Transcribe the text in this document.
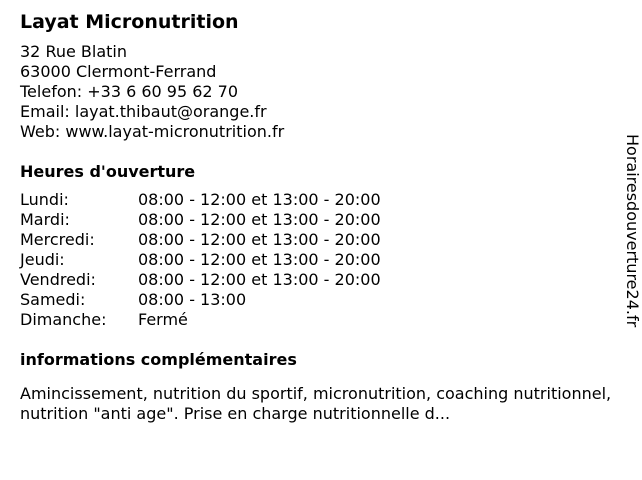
Layat Micronutrition
32 Rue Blatin
63000 Clermont-Ferrand
Telefon: +33 6 60 95 62 70
Email: layat.thibaut@orange.fr
Web: www.layat-micronutrition.fr
Heures d'ouverture
Lundi:	08:00 - 12:00 et 13:00 - 20:00
Mardi:	08:00 - 12:00 et 13:00 - 20:00
Mercredi:	08:00 - 12:00 et 13:00 - 20:00
Jeudi:	08:00 - 12:00 et 13:00 - 20:00
Vendredi:	08:00 - 12:00 et 13:00 - 20:00
Samedi:	08:00 - 13:00
Dimanche:	Fermé
informations complémentaires
Amincissement, nutrition du sportif, micronutrition, coaching nutritionnel, nutrition "anti age". Prise en charge nutritionnelle d...
Horairesdouverture24.fr
